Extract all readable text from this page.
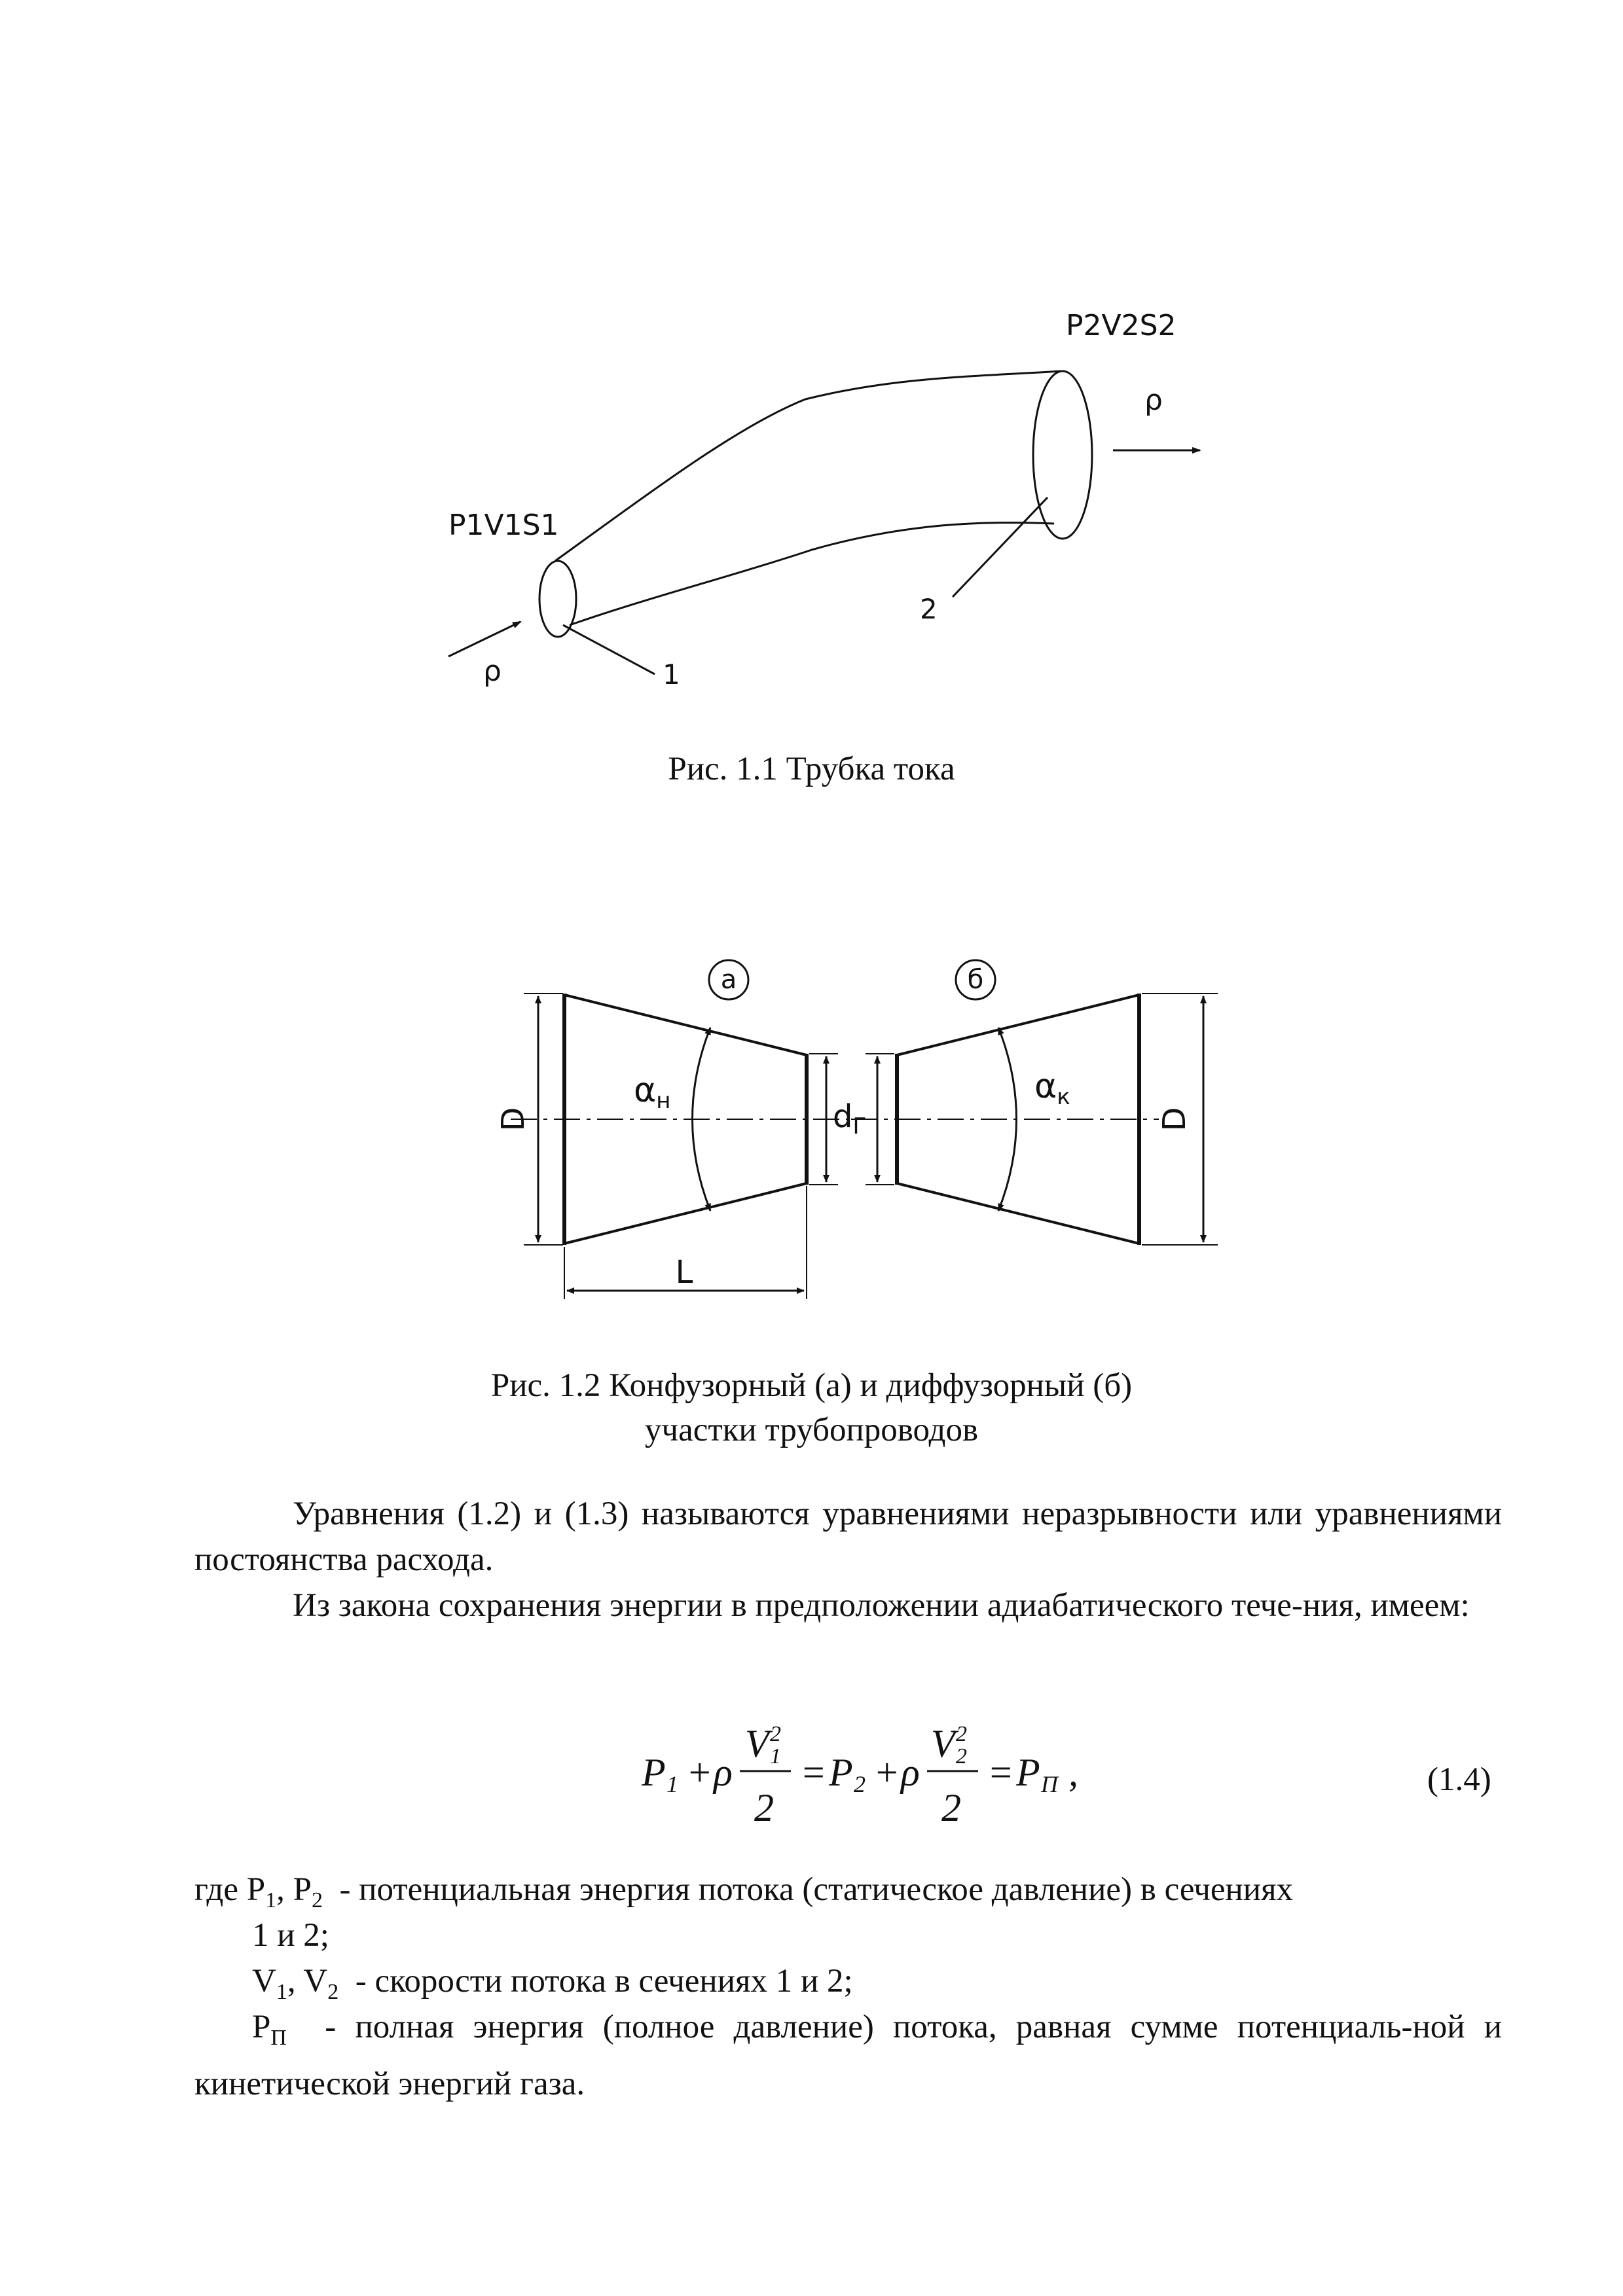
P1V1S1
P2V2S2
ρ
ρ
1
2
Рис. 1.1 Трубка тока
а	б
αн	αк
D	D
$d_Г$
L
Рис. 1.2 Конфузорный (а) и диффузорный (б)
участки трубопроводов
Уравнения (1.2) и (1.3) называются уравнениями неразрывности или уравнениями постоянства расхода.
Из закона сохранения энергии в предположении адиабатического тече-ния, имеем:
P 1 + ρ
V 2
1
2
= P 2 + ρ
V 2
2
2
= P П ,	(1.4)
где $P_1$, $P_2$ - потенциальная энергия потока (статическое давление) в сечениях
1 и 2;
$V_1$, $V_2$ - скорости потока в сечениях 1 и 2;
$P_П$ - полная энергия (полное давление) потока, равная сумме потенциаль-ной и кинетической энергий газа.
